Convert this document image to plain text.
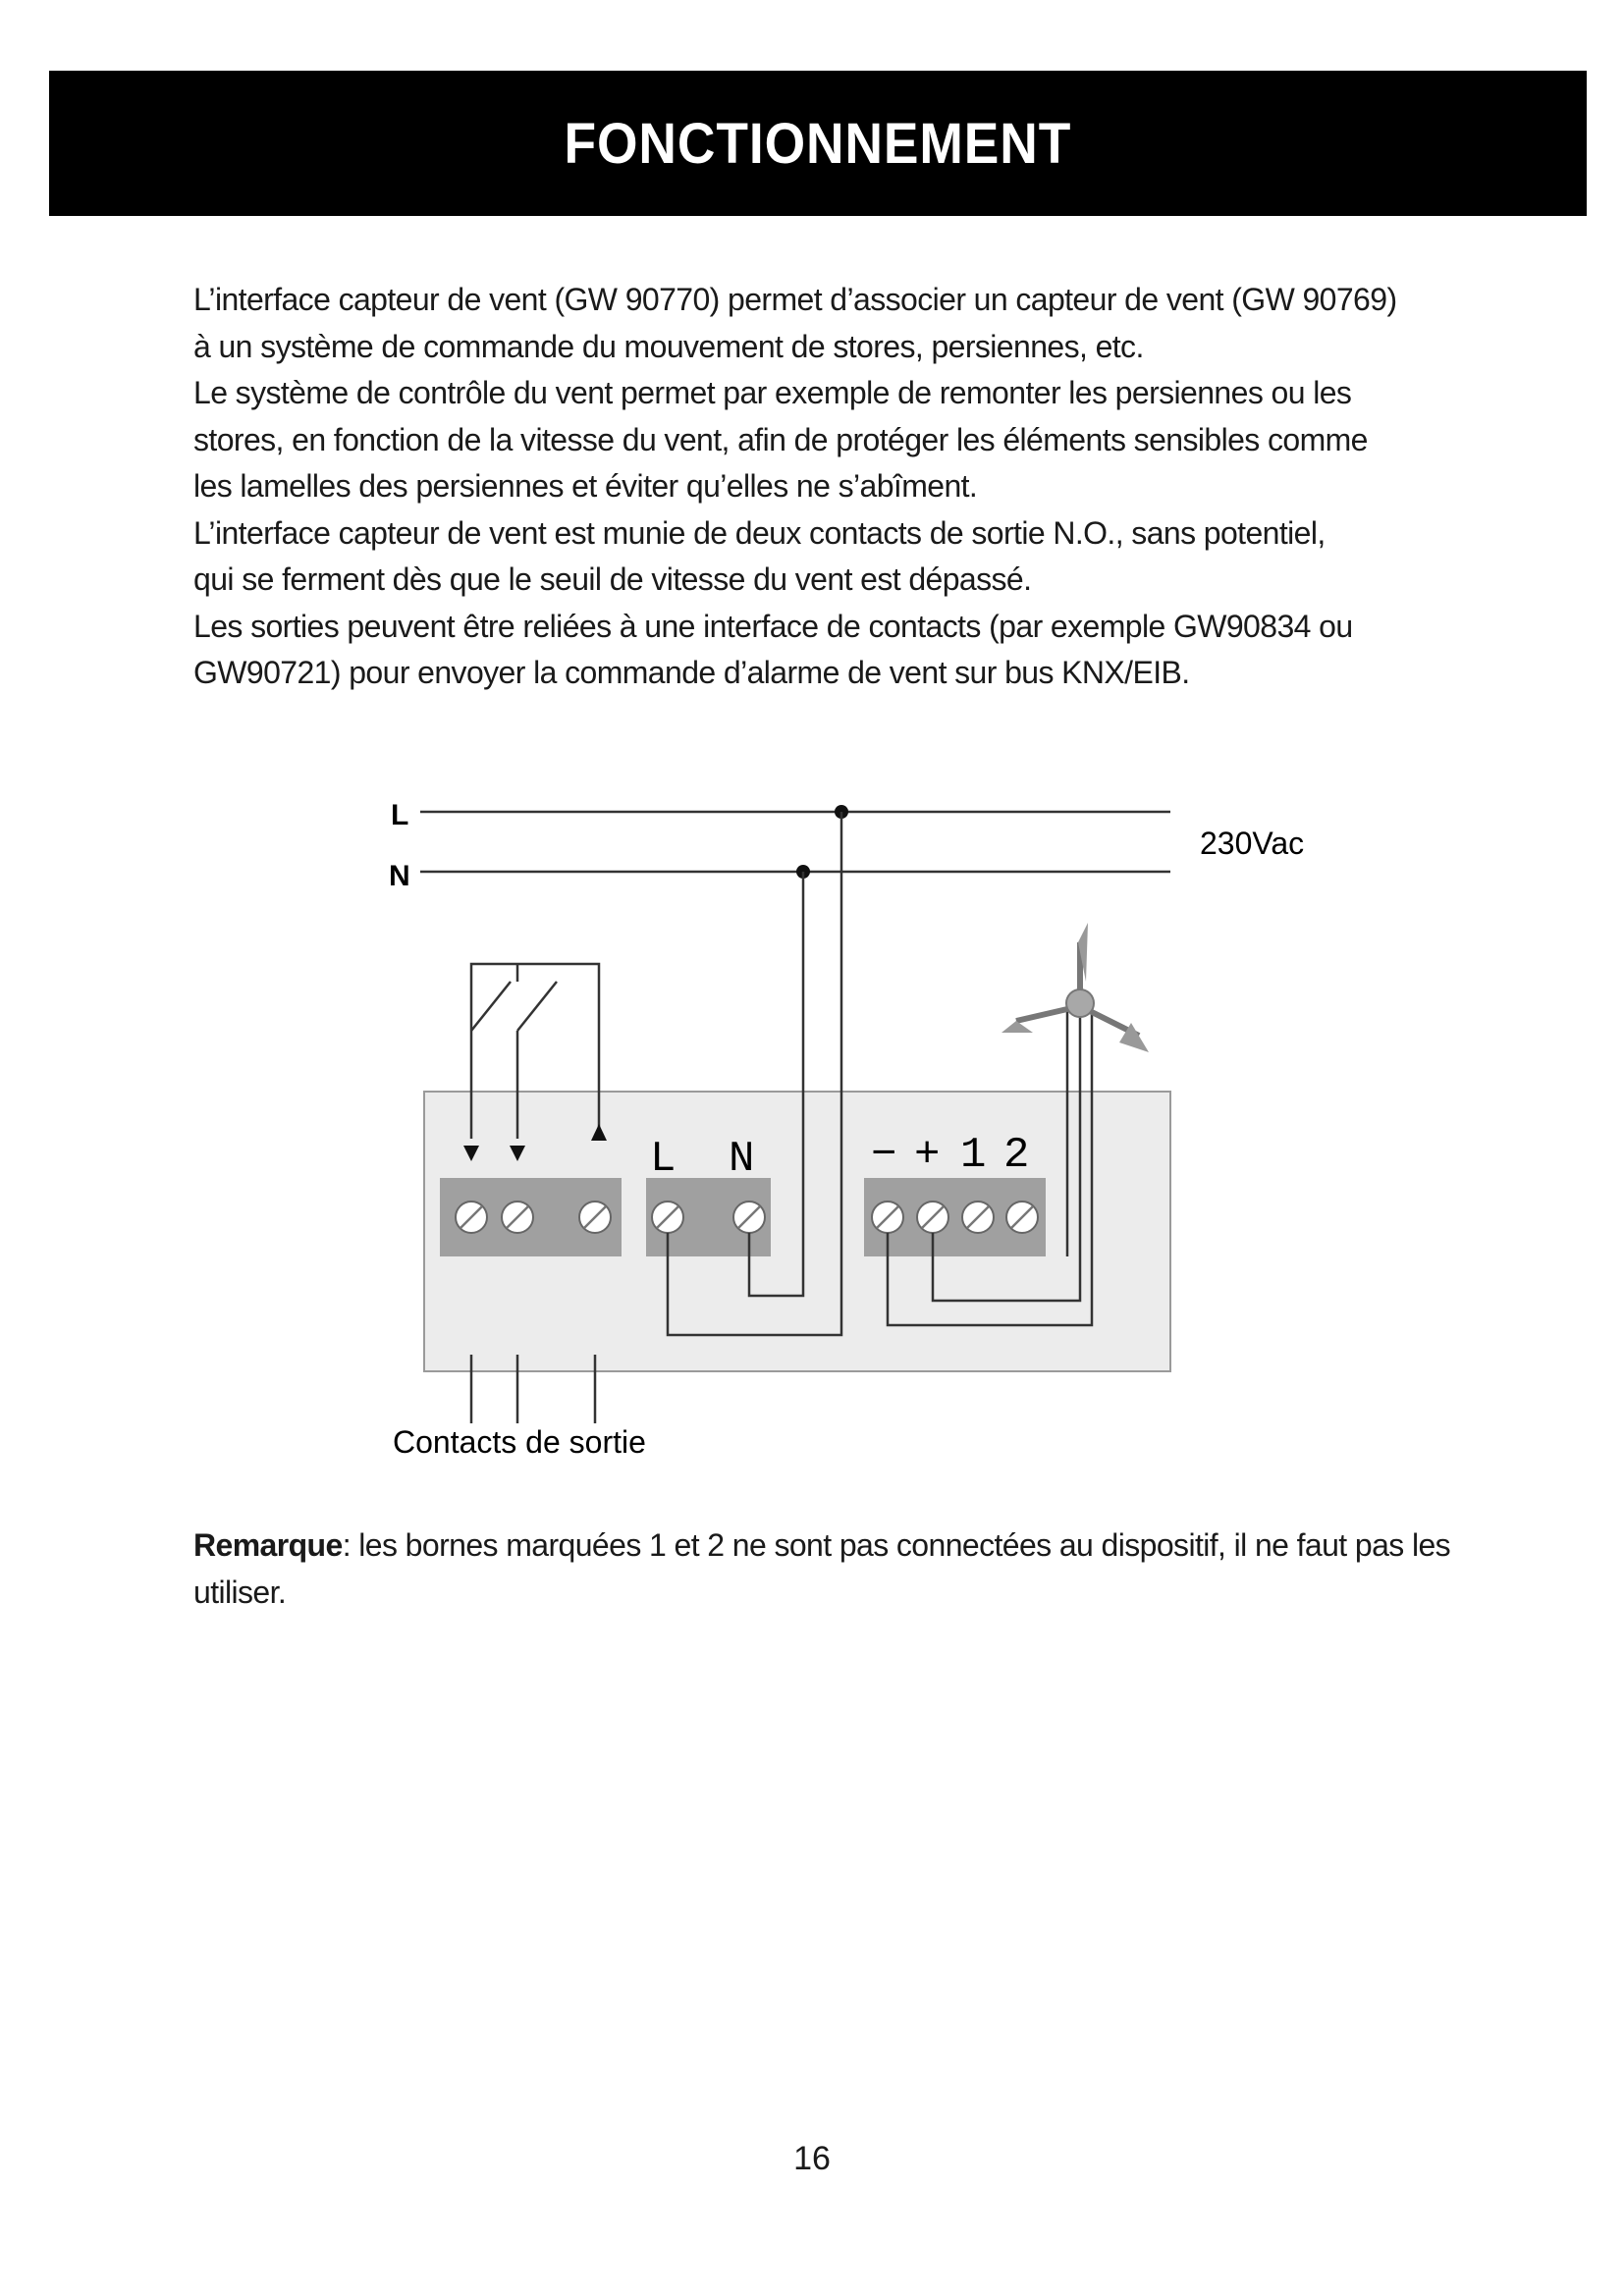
FONCTIONNEMENT

L’interface capteur de vent (GW 90770) permet d’associer un capteur de vent (GW 90769)

à un système de commande du mouvement de stores, persiennes, etc.

Le système de contrôle du vent permet par exemple de remonter les persiennes ou les

stores, en fonction de la vitesse du vent, afin de protéger les éléments sensibles comme

les lamelles des persiennes et éviter qu’elles ne s’abîment.

L’interface capteur de vent est munie de deux contacts de sortie N.O., sans potentiel,

qui se ferment dès que le seuil de vitesse du vent est dépassé.

Les sorties peuvent être reliées à une interface de contacts (par exemple GW90834 ou

GW90721) pour envoyer la commande d’alarme de vent sur bus KNX/EIB.

L
N
230Vac
L N	− + 1 2
Contacts de sortie

Remarque: les bornes marquées 1 et 2 ne sont pas connectées au dispositif, il ne faut pas les utiliser.

16
